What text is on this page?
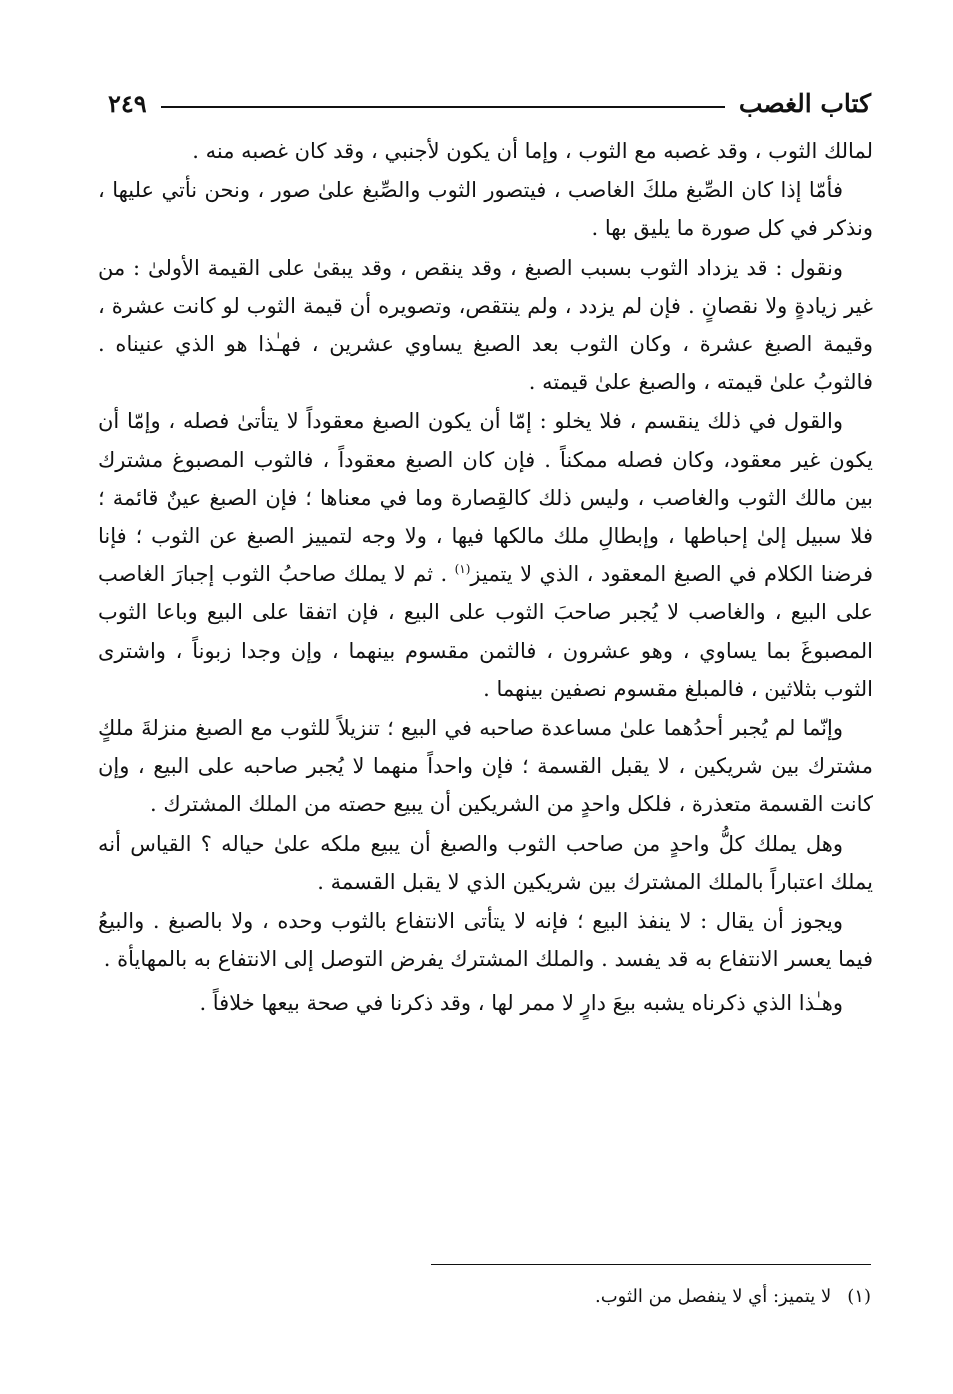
كتاب الغصب
٢٤٩

لمالك الثوب ، وقد غصبه مع الثوب ، وإما أن يكون لأجنبي ، وقد كان غصبه منه .

فأمّا إذا كان الصِّبغ ملكَ الغاصب ، فيتصور الثوب والصِّبغ علىٰ صور ، ونحن نأتي عليها ، ونذكر في كل صورة ما يليق بها .

ونقول : قد يزداد الثوب بسبب الصبغ ، وقد ينقص ، وقد يبقىٰ على القيمة الأولىٰ : من غير زيادةٍ ولا نقصانٍ . فإن لم يزدد ، ولم ينتقص، وتصويره أن قيمة الثوب لو كانت عشرة ، وقيمة الصبغ عشرة ، وكان الثوب بعد الصبغ يساوي عشرين ، فهـٰذا هو الذي عنيناه . فالثوبُ علىٰ قيمته ، والصبغ علىٰ قيمته .

والقول في ذلك ينقسم ، فلا يخلو : إمّا أن يكون الصبغ معقوداً لا يتأتىٰ فصله ، وإمّا أن يكون غير معقود، وكان فصله ممكناً . فإن كان الصبغ معقوداً ، فالثوب المصبوغ مشترك بين مالك الثوب والغاصب ، وليس ذلك كالقِصارة وما في معناها ؛ فإن الصبغ عينٌ قائمة ؛ فلا سبيل إلىٰ إحباطها ، وإبطالِ ملك مالكها فيها ، ولا وجه لتمييز الصبغ عن الثوب ؛ فإنا فرضنا الكلام في الصبغ المعقود ، الذي لا يتميز$^{(١)}$ . ثم لا يملك صاحبُ الثوب إجبارَ الغاصب على البيع ، والغاصب لا يُجبر صاحبَ الثوب على البيع ، فإن اتفقا على البيع وباعا الثوب المصبوغَ بما يساوي ، وهو عشرون ، فالثمن مقسوم بينهما ، وإن وجدا زبوناً ، واشترى الثوب بثلاثين ، فالمبلغ مقسوم نصفين بينهما .

وإنّما لم يُجبر أحدُهما علىٰ مساعدة صاحبه في البيع ؛ تنزيلاً للثوب مع الصبغ منزلةَ ملكٍ مشترك بين شريكين ، لا يقبل القسمة ؛ فإن واحداً منهما لا يُجبر صاحبه على البيع ، وإن كانت القسمة متعذرة ، فلكل واحدٍ من الشريكين أن يبيع حصته من الملك المشترك .

وهل يملك كلُّ واحدٍ من صاحب الثوب والصبغ أن يبيع ملكه علىٰ حياله ؟ القياس أنه يملك اعتباراً بالملك المشترك بين شريكين الذي لا يقبل القسمة .

ويجوز أن يقال : لا ينفذ البيع ؛ فإنه لا يتأتى الانتفاع بالثوب وحده ، ولا بالصبغ . والبيعُ فيما يعسر الانتفاع به قد يفسد . والملك المشترك يفرض التوصل إلى الانتفاع به بالمهايأة .

وهـٰذا الذي ذكرناه يشبه بيعَ دارٍ لا ممر لها ، وقد ذكرنا في صحة بيعها خلافاً .

(١)لا يتميز: أي لا ينفصل من الثوب.
